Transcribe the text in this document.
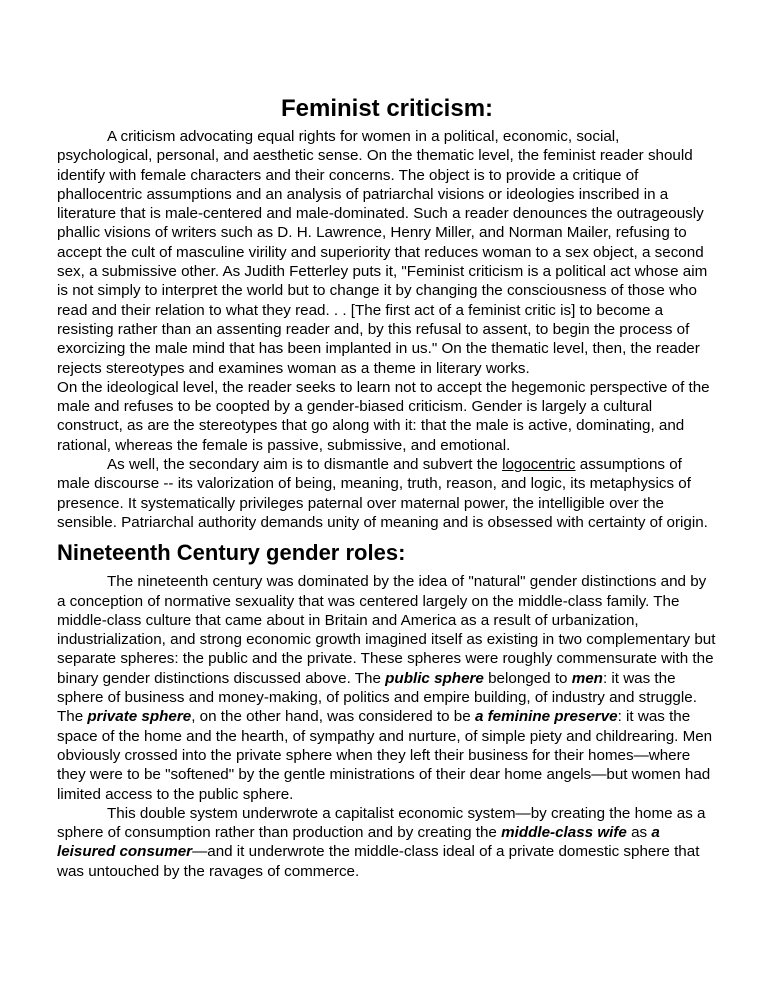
Feminist criticism:

A criticism advocating equal rights for women in a political, economic, social, psychological, personal, and aesthetic sense. On the thematic level, the feminist reader should identify with female characters and their concerns. The object is to provide a critique of phallocentric assumptions and an analysis of patriarchal visions or ideologies inscribed in a literature that is male-centered and male-dominated. Such a reader denounces the outrageously phallic visions of writers such as D. H. Lawrence, Henry Miller, and Norman Mailer, refusing to accept the cult of masculine virility and superiority that reduces woman to a sex object, a second sex, a submissive other. As Judith Fetterley puts it, "Feminist criticism is a political act whose aim is not simply to interpret the world but to change it by changing the consciousness of those who read and their relation to what they read. . . [The first act of a feminist critic is] to become a resisting rather than an assenting reader and, by this refusal to assent, to begin the process of exorcizing the male mind that has been implanted in us." On the thematic level, then, the reader rejects stereotypes and examines woman as a theme in literary works.

On the ideological level, the reader seeks to learn not to accept the hegemonic perspective of the male and refuses to be coopted by a gender-biased criticism. Gender is largely a cultural construct, as are the stereotypes that go along with it: that the male is active, dominating, and rational, whereas the female is passive, submissive, and emotional.

As well, the secondary aim is to dismantle and subvert the logocentric assumptions of male discourse -- its valorization of being, meaning, truth, reason, and logic, its metaphysics of presence. It systematically privileges paternal over maternal power, the intelligible over the sensible. Patriarchal authority demands unity of meaning and is obsessed with certainty of origin.

Nineteenth Century gender roles:

The nineteenth century was dominated by the idea of "natural" gender distinctions and by a conception of normative sexuality that was centered largely on the middle-class family. The middle-class culture that came about in Britain and America as a result of urbanization, industrialization, and strong economic growth imagined itself as existing in two complementary but separate spheres: the public and the private. These spheres were roughly commensurate with the binary gender distinctions discussed above. The public sphere belonged to men: it was the sphere of business and money-making, of politics and empire building, of industry and struggle. The private sphere, on the other hand, was considered to be a feminine preserve: it was the space of the home and the hearth, of sympathy and nurture, of simple piety and childrearing. Men obviously crossed into the private sphere when they left their business for their homes—where they were to be "softened" by the gentle ministrations of their dear home angels—but women had limited access to the public sphere.

This double system underwrote a capitalist economic system—by creating the home as a sphere of consumption rather than production and by creating the middle-class wife as a leisured consumer—and it underwrote the middle-class ideal of a private domestic sphere that was untouched by the ravages of commerce.
